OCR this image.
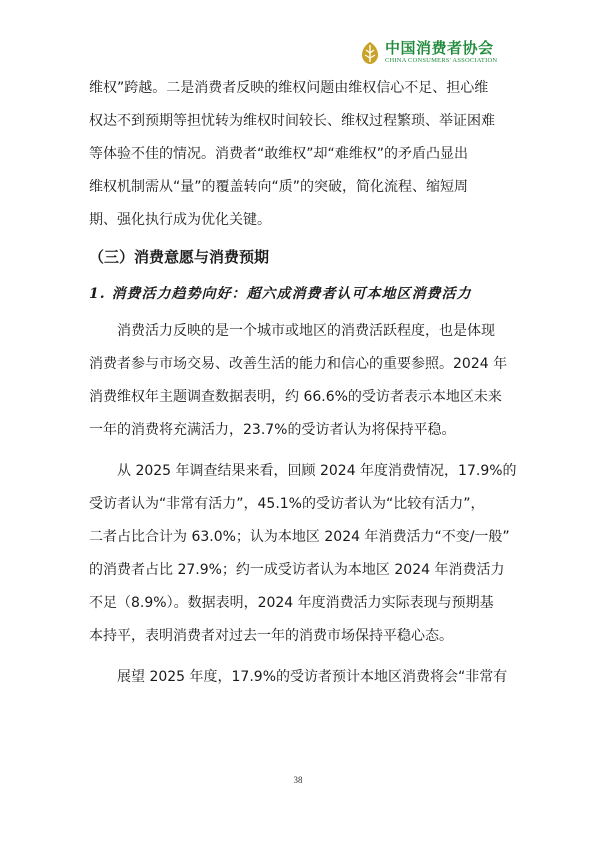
中国消费者协会
CHINA CONSUMERS' ASSOCIATION

维权”跨越。二是消费者反映的维权问题由维权信心不足、担心维
权达不到预期等担忧转为维权时间较长、维权过程繁琐、举证困难
等体验不佳的情况。消费者“敢维权”却“难维权”的矛盾凸显出
维权机制需从“量”的覆盖转向“质”的突破，简化流程、缩短周
期、强化执行成为优化关键。

（三）消费意愿与消费预期
1. 消费活力趋势向好：超六成消费者认可本地区消费活力

　　消费活力反映的是一个城市或地区的消费活跃程度，也是体现
消费者参与市场交易、改善生活的能力和信心的重要参照。2024 年
消费维权年主题调查数据表明，约 66.6%的受访者表示本地区未来
一年的消费将充满活力，23.7%的受访者认为将保持平稳。

　　从 2025 年调查结果来看，回顾 2024 年度消费情况，17.9%的
受访者认为“非常有活力”，45.1%的受访者认为“比较有活力”，
二者占比合计为 63.0%；认为本地区 2024 年消费活力“不变/一般”
的消费者占比 27.9%；约一成受访者认为本地区 2024 年消费活力
不足（8.9%）。数据表明，2024 年度消费活力实际表现与预期基
本持平，表明消费者对过去一年的消费市场保持平稳心态。

　　展望 2025 年度，17.9%的受访者预计本地区消费将会“非常有

38
